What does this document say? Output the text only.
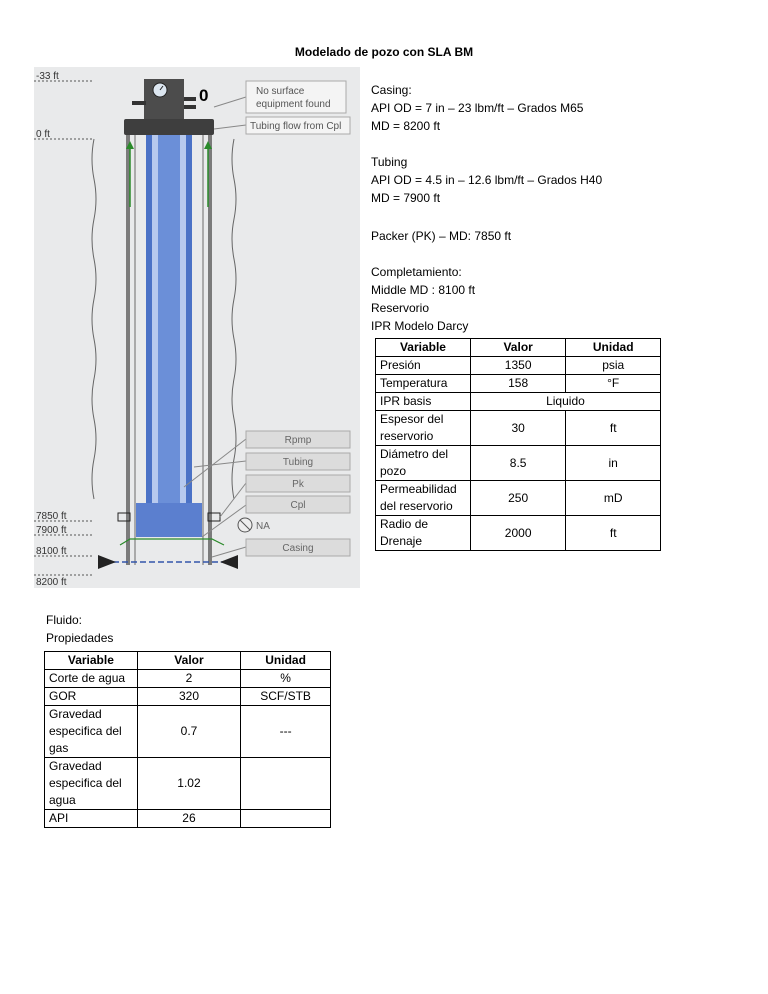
Modelado de pozo con SLA BM
-33 ft
0 ft
7850 ft
7900 ft
8100 ft
8200 ft
0	No surface
equipment found
Tubing flow from Cpl
Rpmp
Tubing
Pk
Cpl
NA
Casing
Casing:
API OD = 7 in – 23 lbm/ft – Grados M65
MD = 8200 ft
Tubing
API OD = 4.5 in – 12.6 lbm/ft – Grados H40
MD = 7900 ft
Packer (PK) – MD: 7850 ft
Completamiento:
Middle MD : 8100 ft
Reservorio
IPR Modelo Darcy
Variable	Valor	Unidad
Presión	1350	psia
Temperatura	158	°F
IPR basis	Liquido	
Espesor del reservorio	30	ft
Diámetro del pozo	8.5	in
Permeabilidad del reservorio	250	mD
Radio de Drenaje	2000	ft
Fluido:
Propiedades
Variable	Valor	Unidad
Corte de agua	2	%
GOR	320	SCF/STB
Gravedad especifica del gas	0.7	---
Gravedad especifica del agua	1.02	
API	26	
